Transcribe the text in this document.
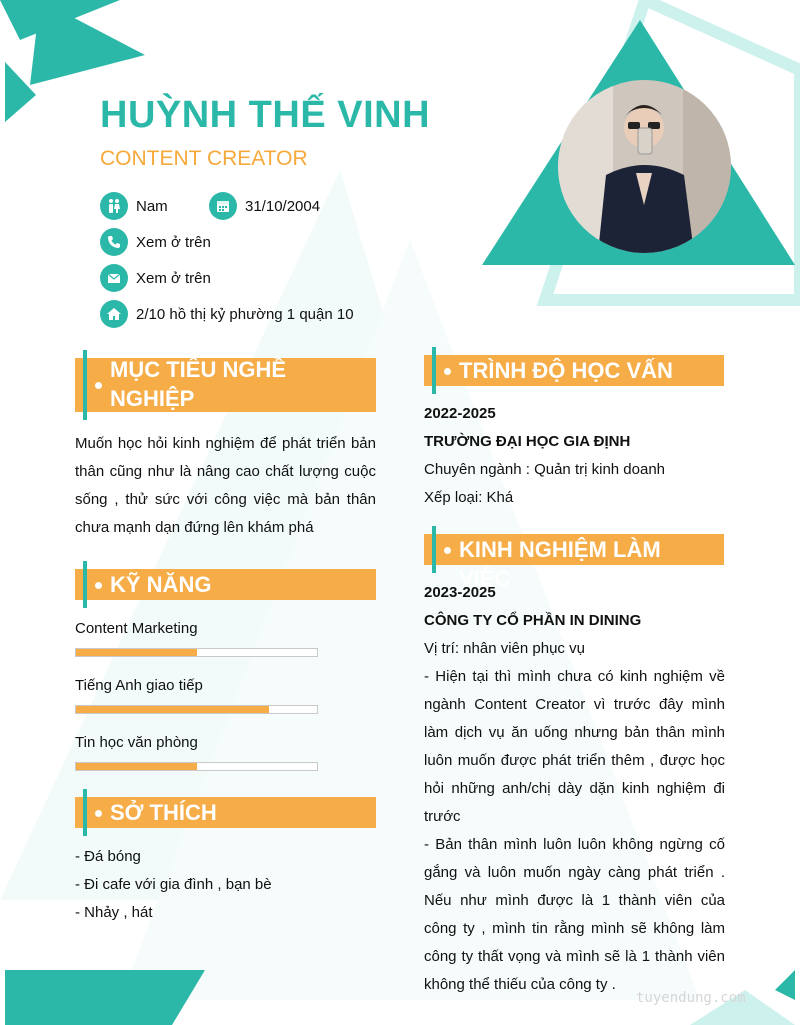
HUỲNH THẾ VINH
CONTENT CREATOR
Nam	31/10/2004
Xem ở trên
Xem ở trên
2/10 hồ thị kỷ phường 1 quận 10
MỤC TIÊU NGHỀ NGHIỆP
Muốn học hỏi kinh nghiệm để phát triển bản thân cũng như là nâng cao chất lượng cuộc sống , thử sức với công việc mà bản thân chưa mạnh dạn đứng lên khám phá
KỸ NĂNG
Content Marketing
Tiếng Anh giao tiếp
Tin học văn phòng
SỞ THÍCH
- Đá bóng
- Đi cafe với gia đình , bạn bè
- Nhảy , hát
TRÌNH ĐỘ HỌC VẤN
2022-2025
TRƯỜNG ĐẠI HỌC GIA ĐỊNH
Chuyên ngành : Quản trị kinh doanh
Xếp loại: Khá
KINH NGHIỆM LÀM VIỆC
2023-2025
CÔNG TY CỔ PHẦN IN DINING
Vị trí: nhân viên phục vụ
- Hiện tại thì mình chưa có kinh nghiệm về ngành Content Creator vì trước đây mình làm dịch vụ ăn uống nhưng bản thân mình luôn muốn được phát triển thêm , được học hỏi những anh/chị dày dặn kinh nghiệm đi trước
- Bản thân mình luôn luôn không ngừng cố gắng và luôn muốn ngày càng phát triển . Nếu như mình được là 1 thành viên của công ty , mình tin rằng mình sẽ không làm công ty thất vọng và mình sẽ là 1 thành viên không thể thiếu của công ty .
tuyendung.com
